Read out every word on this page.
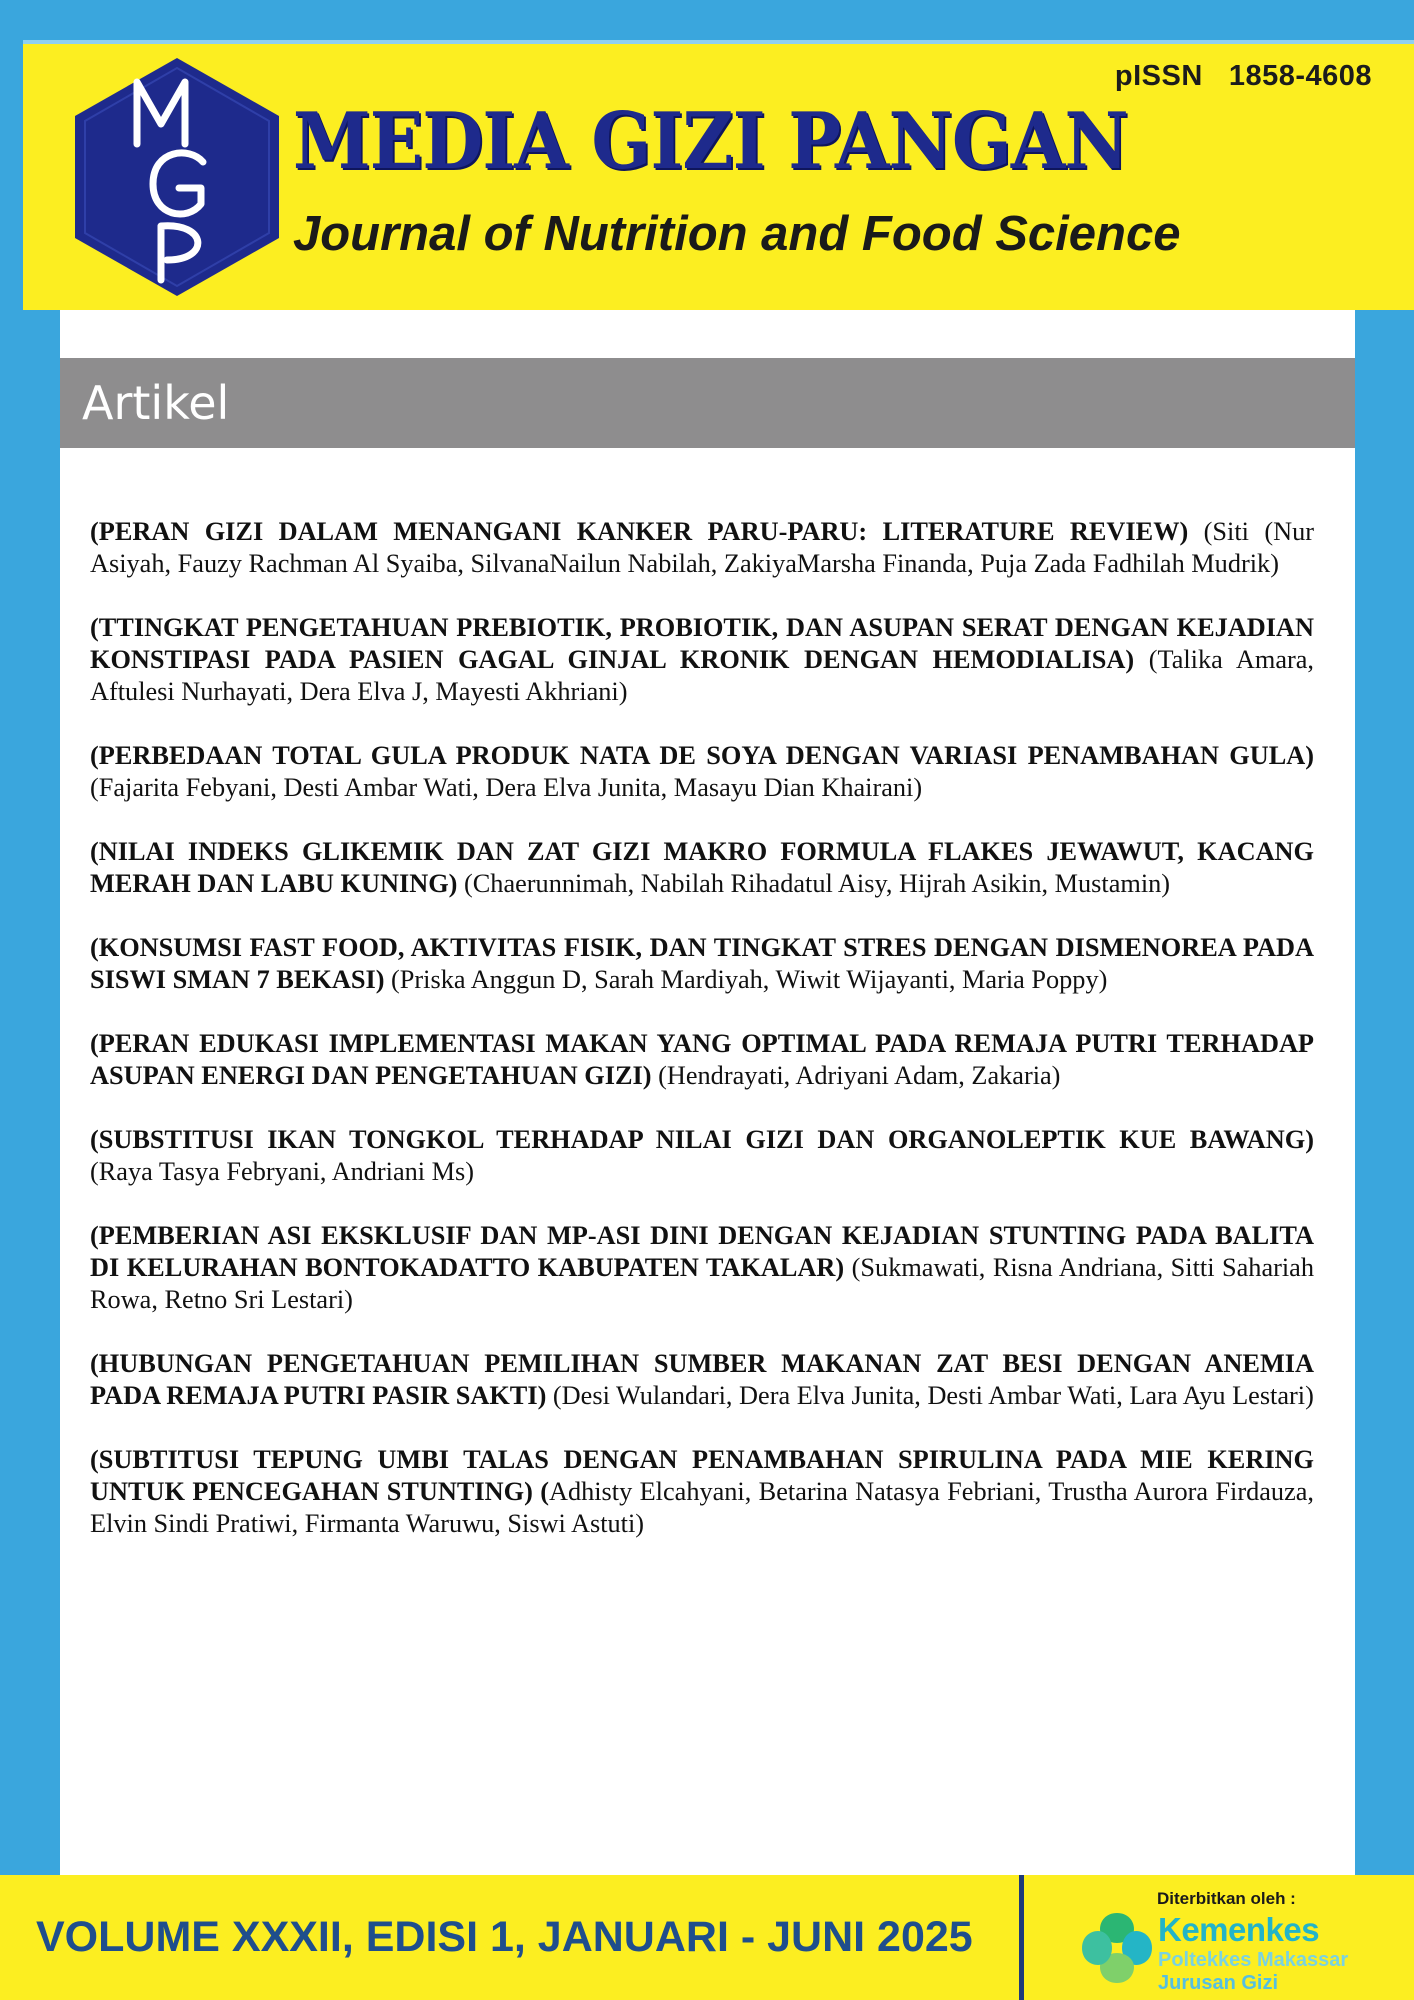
pISSN 1858-4608
MEDIA GIZI PANGAN
Journal of Nutrition and Food Science
Artikel

(PERAN GIZI DALAM MENANGANI KANKER PARU-PARU: LITERATURE REVIEW) (Siti (Nur Asiyah, Fauzy Rachman Al Syaiba, SilvanaNailun Nabilah, ZakiyaMarsha Finanda, Puja Zada Fadhilah Mudrik)

(TTINGKAT PENGETAHUAN PREBIOTIK, PROBIOTIK, DAN ASUPAN SERAT DENGAN KEJADIAN KONSTIPASI PADA PASIEN GAGAL GINJAL KRONIK DENGAN HEMODIALISA) (Talika Amara, Aftulesi Nurhayati, Dera Elva J, Mayesti Akhriani)

(PERBEDAAN TOTAL GULA PRODUK NATA DE SOYA DENGAN VARIASI PENAMBAHAN GULA) (Fajarita Febyani, Desti Ambar Wati, Dera Elva Junita, Masayu Dian Khairani)

(NILAI INDEKS GLIKEMIK DAN ZAT GIZI MAKRO FORMULA FLAKES JEWAWUT, KACANG MERAH DAN LABU KUNING) (Chaerunnimah, Nabilah Rihadatul Aisy, Hijrah Asikin, Mustamin)

(KONSUMSI FAST FOOD, AKTIVITAS FISIK, DAN TINGKAT STRES DENGAN DISMENOREA PADA SISWI SMAN 7 BEKASI) (Priska Anggun D, Sarah Mardiyah, Wiwit Wijayanti, Maria Poppy)

(PERAN EDUKASI IMPLEMENTASI MAKAN YANG OPTIMAL PADA REMAJA PUTRI TERHADAP ASUPAN ENERGI DAN PENGETAHUAN GIZI) (Hendrayati, Adriyani Adam, Zakaria)

(SUBSTITUSI IKAN TONGKOL TERHADAP NILAI GIZI DAN ORGANOLEPTIK KUE BAWANG) (Raya Tasya Febryani, Andriani Ms)

(PEMBERIAN ASI EKSKLUSIF DAN MP-ASI DINI DENGAN KEJADIAN STUNTING PADA BALITA DI KELURAHAN BONTOKADATTO KABUPATEN TAKALAR) (Sukmawati, Risna Andriana, Sitti Sahariah Rowa, Retno Sri Lestari)

(HUBUNGAN PENGETAHUAN PEMILIHAN SUMBER MAKANAN ZAT BESI DENGAN ANEMIA PADA REMAJA PUTRI PASIR SAKTI) (Desi Wulandari, Dera Elva Junita, Desti Ambar Wati, Lara Ayu Lestari)

(SUBTITUSI TEPUNG UMBI TALAS DENGAN PENAMBAHAN SPIRULINA PADA MIE KERING UNTUK PENCEGAHAN STUNTING) (Adhisty Elcahyani, Betarina Natasya Febriani, Trustha Aurora Firdauza, Elvin Sindi Pratiwi, Firmanta Waruwu, Siswi Astuti)

VOLUME XXXII, EDISI 1, JANUARI - JUNI 2025
Diterbitkan oleh :
Kemenkes
Poltekkes Makassar
Jurusan Gizi
